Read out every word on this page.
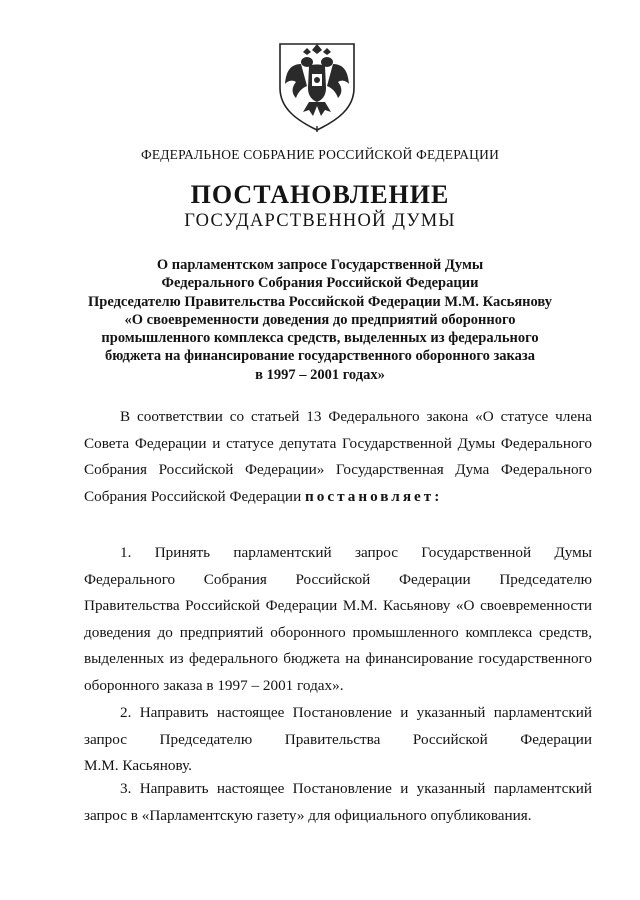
ФЕДЕРАЛЬНОЕ СОБРАНИЕ РОССИЙСКОЙ ФЕДЕРАЦИИ
ПОСТАНОВЛЕНИЕ
ГОСУДАРСТВЕННОЙ ДУМЫ
О парламентском запросе Государственной Думы
Федерального Собрания Российской Федерации
Председателю Правительства Российской Федерации М.М. Касьянову
«О своевременности доведения до предприятий оборонного
промышленного комплекса средств, выделенных из федерального
бюджета на финансирование государственного оборонного заказа
в 1997 – 2001 годах»
В соответствии со статьей 13 Федерального закона «О статусе члена
Совета Федерации и статусе депутата Государственной Думы Федерального
Собрания Российской Федерации» Государственная Дума Федерального
Собрания Российской Федерации постановляет:
1. Принять парламентский запрос Государственной Думы
Федерального Собрания Российской Федерации Председателю
Правительства Российской Федерации М.М. Касьянову «О своевременности
доведения до предприятий оборонного промышленного комплекса средств,
выделенных из федерального бюджета на финансирование государственного
оборонного заказа в 1997 – 2001 годах».
2. Направить настоящее Постановление и указанный парламентский
запрос Председателю Правительства Российской Федерации
М.М. Касьянову.
3. Направить настоящее Постановление и указанный парламентский
запрос в «Парламентскую газету» для официального опубликования.
